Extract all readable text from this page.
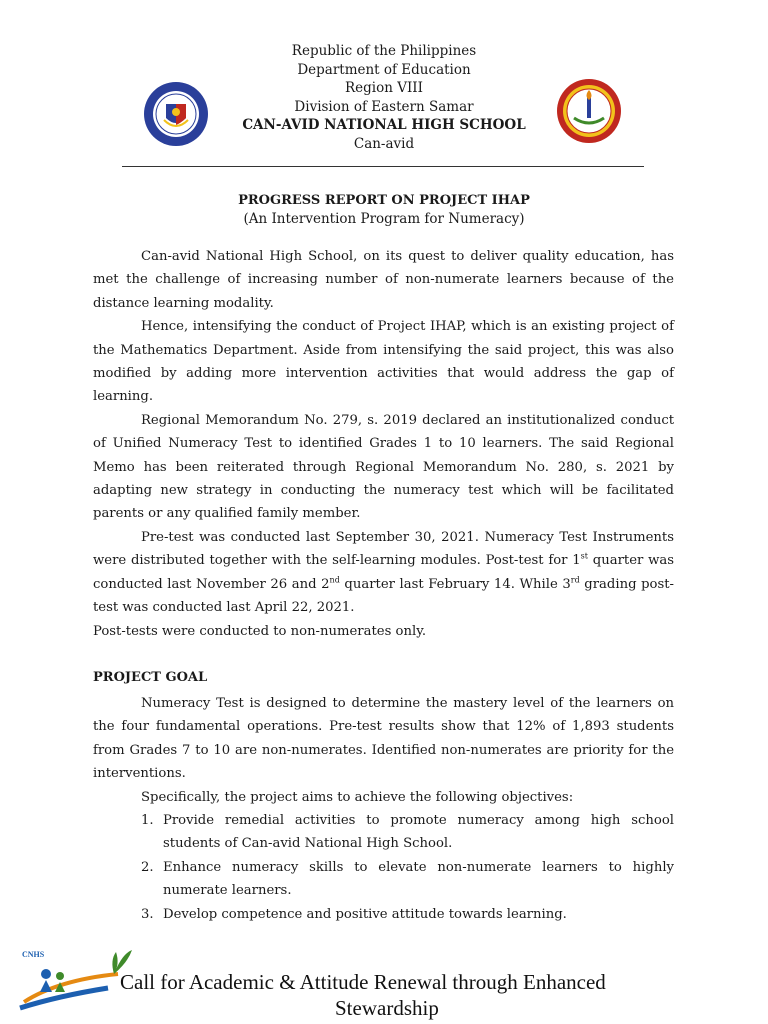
Republic of the Philippines
Department of Education
Region VIII
Division of Eastern Samar
CAN-AVID NATIONAL HIGH SCHOOL
Can-avid
PROGRESS REPORT ON PROJECT IHAP
(An Intervention Program for Numeracy)

Can-avid National High School, on its quest to deliver quality education, has met the challenge of increasing number of non-numerate learners because of the distance learning modality.

Hence, intensifying the conduct of Project IHAP, which is an existing project of the Mathematics Department. Aside from intensifying the said project, this was also modified by adding more intervention activities that would address the gap of learning.

Regional Memorandum No. 279, s. 2019 declared an institutionalized conduct of Unified Numeracy Test to identified Grades 1 to 10 learners. The said Regional Memo has been reiterated through Regional Memorandum No. 280, s. 2021 by adapting new strategy in conducting the numeracy test which will be facilitated parents or any qualified family member.

Pre-test was conducted last September 30, 2021. Numeracy Test Instruments were distributed together with the self-learning modules. Post-test for 1st quarter was conducted last November 26 and 2nd quarter last February 14. While 3rd grading post-test was conducted last April 22, 2021.

Post-tests were conducted to non-numerates only.

PROJECT GOAL

Numeracy Test is designed to determine the mastery level of the learners on the four fundamental operations. Pre-test results show that 12% of 1,893 students from Grades 7 to 10 are non-numerates. Identified non-numerates are priority for the interventions.

Specifically, the project aims to achieve the following objectives:

1. Provide remedial activities to promote numeracy among high school students of Can-avid National High School.
2. Enhance numeracy skills to elevate non-numerate learners to highly numerate learners.
3. Develop competence and positive attitude towards learning.
CNHS
Call for Academic & Attitude Renewal through Enhanced
Stewardship
